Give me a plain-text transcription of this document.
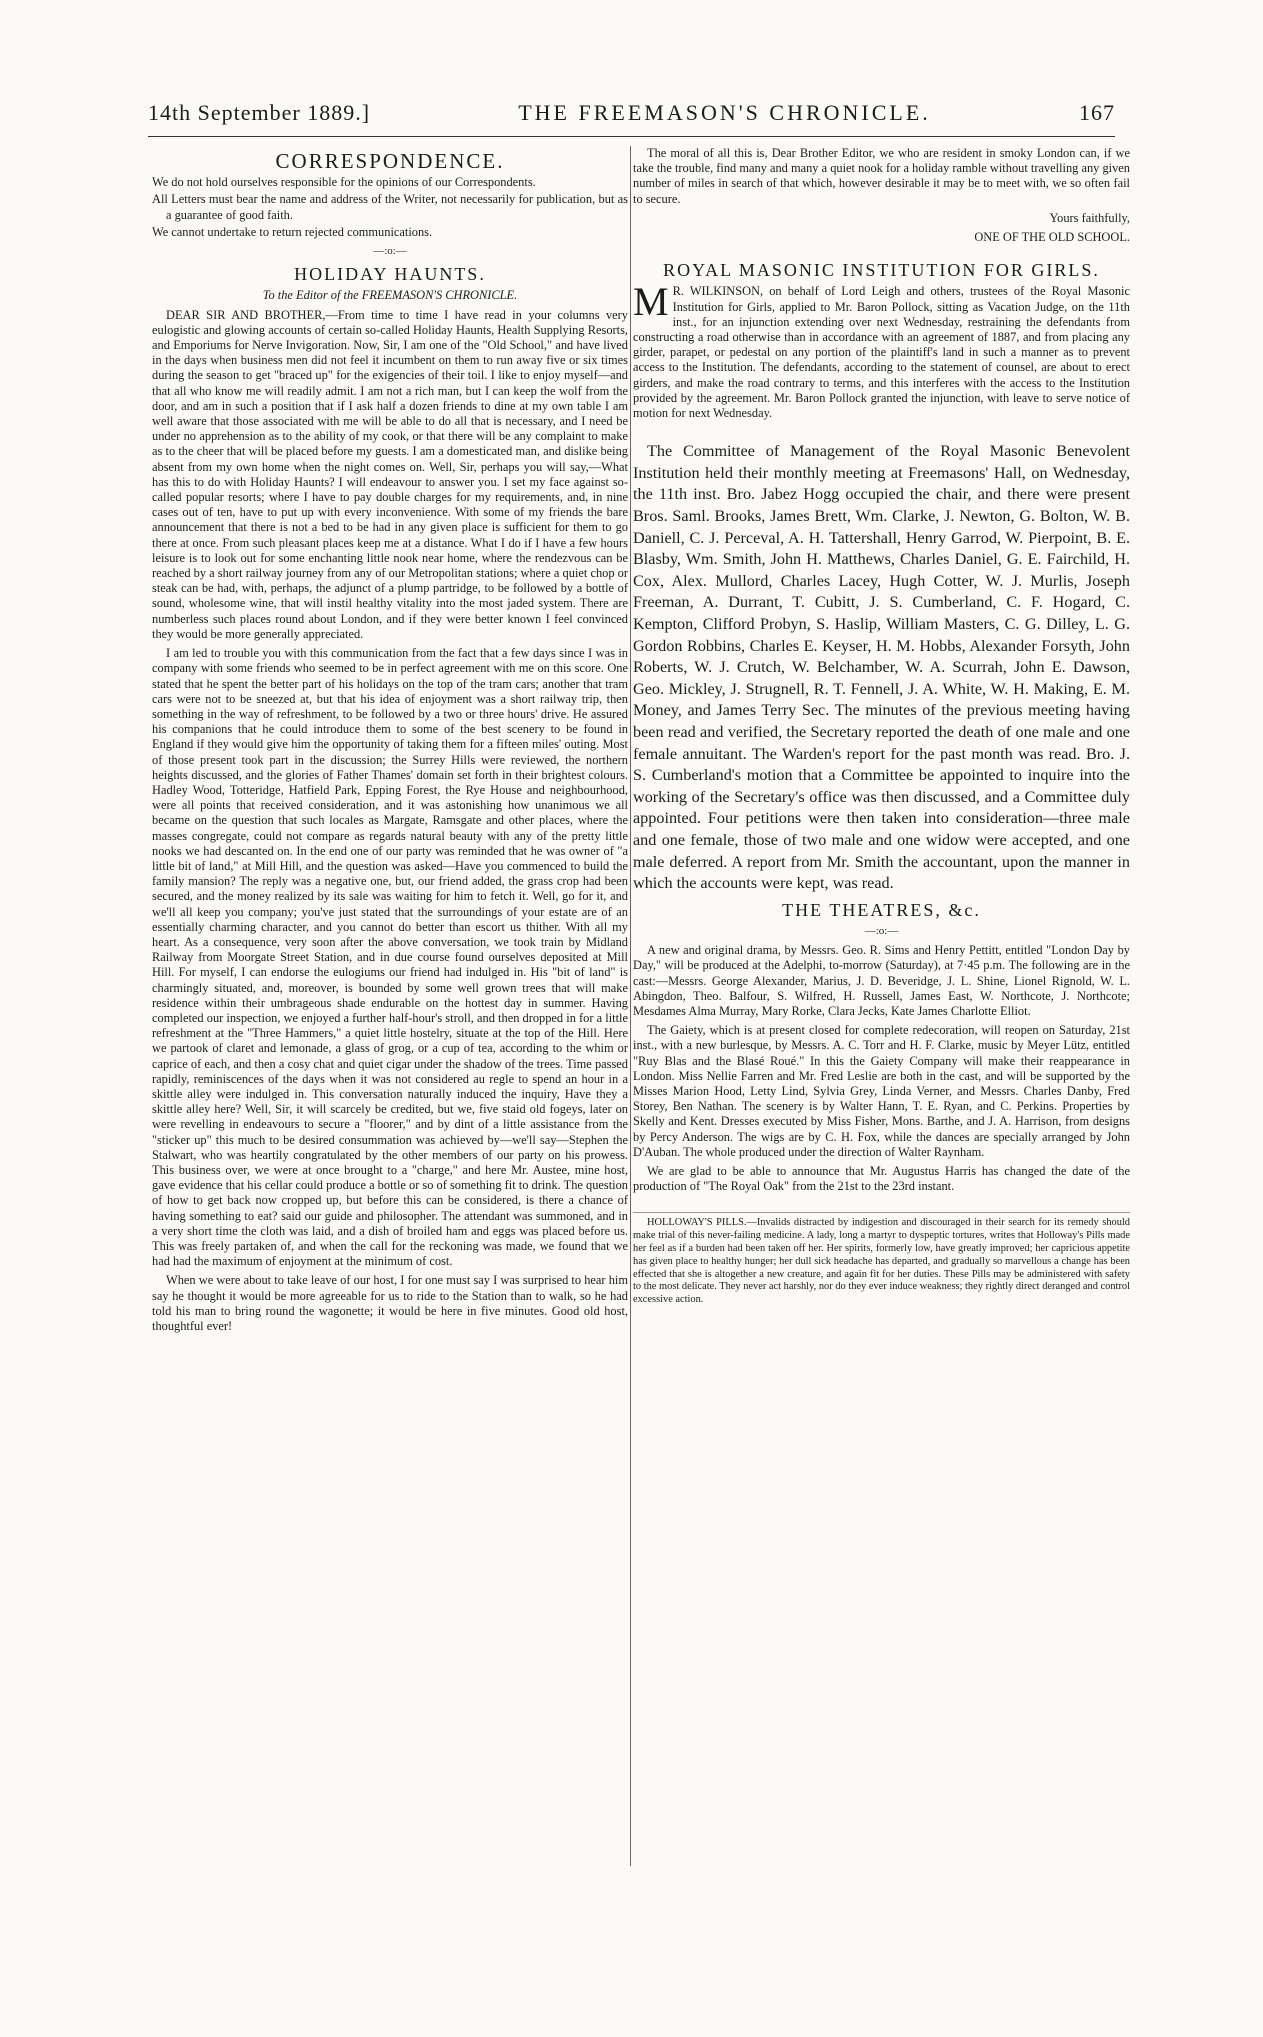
14th September 1889.]	THE FREEMASON'S CHRONICLE.	167
CORRESPONDENCE.
We do not hold ourselves responsible for the opinions of our Correspondents.
All Letters must bear the name and address of the Writer, not necessarily for publication, but as a guarantee of good faith.
We cannot undertake to return rejected communications.
—:o:—
HOLIDAY HAUNTS.
To the Editor of the FREEMASON'S CHRONICLE.

DEAR SIR AND BROTHER,—From time to time I have read in your columns very eulogistic and glowing accounts of certain so-called Holiday Haunts, Health Supplying Resorts, and Emporiums for Nerve Invigoration. Now, Sir, I am one of the "Old School," and have lived in the days when business men did not feel it incumbent on them to run away five or six times during the season to get "braced up" for the exigencies of their toil. I like to enjoy myself—and that all who know me will readily admit. I am not a rich man, but I can keep the wolf from the door, and am in such a position that if I ask half a dozen friends to dine at my own table I am well aware that those associated with me will be able to do all that is necessary, and I need be under no apprehension as to the ability of my cook, or that there will be any complaint to make as to the cheer that will be placed before my guests. I am a domesticated man, and dislike being absent from my own home when the night comes on. Well, Sir, perhaps you will say,—What has this to do with Holiday Haunts? I will endeavour to answer you. I set my face against so-called popular resorts; where I have to pay double charges for my requirements, and, in nine cases out of ten, have to put up with every inconvenience. With some of my friends the bare announcement that there is not a bed to be had in any given place is sufficient for them to go there at once. From such pleasant places keep me at a distance. What I do if I have a few hours leisure is to look out for some enchanting little nook near home, where the rendezvous can be reached by a short railway journey from any of our Metropolitan stations; where a quiet chop or steak can be had, with, perhaps, the adjunct of a plump partridge, to be followed by a bottle of sound, wholesome wine, that will instil healthy vitality into the most jaded system. There are numberless such places round about London, and if they were better known I feel convinced they would be more generally appreciated.

I am led to trouble you with this communication from the fact that a few days since I was in company with some friends who seemed to be in perfect agreement with me on this score. One stated that he spent the better part of his holidays on the top of the tram cars; another that tram cars were not to be sneezed at, but that his idea of enjoyment was a short railway trip, then something in the way of refreshment, to be followed by a two or three hours' drive. He assured his companions that he could introduce them to some of the best scenery to be found in England if they would give him the opportunity of taking them for a fifteen miles' outing. Most of those present took part in the discussion; the Surrey Hills were reviewed, the northern heights discussed, and the glories of Father Thames' domain set forth in their brightest colours. Hadley Wood, Totteridge, Hatfield Park, Epping Forest, the Rye House and neighbourhood, were all points that received consideration, and it was astonishing how unanimous we all became on the question that such locales as Margate, Ramsgate and other places, where the masses congregate, could not compare as regards natural beauty with any of the pretty little nooks we had descanted on. In the end one of our party was reminded that he was owner of "a little bit of land," at Mill Hill, and the question was asked—Have you commenced to build the family mansion? The reply was a negative one, but, our friend added, the grass crop had been secured, and the money realized by its sale was waiting for him to fetch it. Well, go for it, and we'll all keep you company; you've just stated that the surroundings of your estate are of an essentially charming character, and you cannot do better than escort us thither. With all my heart. As a consequence, very soon after the above conversation, we took train by Midland Railway from Moorgate Street Station, and in due course found ourselves deposited at Mill Hill. For myself, I can endorse the eulogiums our friend had indulged in. His "bit of land" is charmingly situated, and, moreover, is bounded by some well grown trees that will make residence within their umbrageous shade endurable on the hottest day in summer. Having completed our inspection, we enjoyed a further half-hour's stroll, and then dropped in for a little refreshment at the "Three Hammers," a quiet little hostelry, situate at the top of the Hill. Here we partook of claret and lemonade, a glass of grog, or a cup of tea, according to the whim or caprice of each, and then a cosy chat and quiet cigar under the shadow of the trees. Time passed rapidly, reminiscences of the days when it was not considered au regle to spend an hour in a skittle alley were indulged in. This conversation naturally induced the inquiry, Have they a skittle alley here? Well, Sir, it will scarcely be credited, but we, five staid old fogeys, later on were revelling in endeavours to secure a "floorer," and by dint of a little assistance from the "sticker up" this much to be desired consummation was achieved by—we'll say—Stephen the Stalwart, who was heartily congratulated by the other members of our party on his prowess. This business over, we were at once brought to a "charge," and here Mr. Austee, mine host, gave evidence that his cellar could produce a bottle or so of something fit to drink. The question of how to get back now cropped up, but before this can be considered, is there a chance of having something to eat? said our guide and philosopher. The attendant was summoned, and in a very short time the cloth was laid, and a dish of broiled ham and eggs was placed before us. This was freely partaken of, and when the call for the reckoning was made, we found that we had had the maximum of enjoyment at the minimum of cost.

When we were about to take leave of our host, I for one must say I was surprised to hear him say he thought it would be more agreeable for us to ride to the Station than to walk, so he had told his man to bring round the wagonette; it would be here in five minutes. Good old host, thoughtful ever!

The moral of all this is, Dear Brother Editor, we who are resident in smoky London can, if we take the trouble, find many and many a quiet nook for a holiday ramble without travelling any given number of miles in search of that which, however desirable it may be to meet with, we so often fail to secure.

Yours faithfully,
ONE OF THE OLD SCHOOL.
ROYAL MASONIC INSTITUTION FOR GIRLS.

M R. WILKINSON, on behalf of Lord Leigh and others, trustees of the Royal Masonic Institution for Girls, applied to Mr. Baron Pollock, sitting as Vacation Judge, on the 11th inst., for an injunction extending over next Wednesday, restraining the defendants from constructing a road otherwise than in accordance with an agreement of 1887, and from placing any girder, parapet, or pedestal on any portion of the plaintiff's land in such a manner as to prevent access to the Institution. The defendants, according to the statement of counsel, are about to erect girders, and make the road contrary to terms, and this interferes with the access to the Institution provided by the agreement. Mr. Baron Pollock granted the injunction, with leave to serve notice of motion for next Wednesday.

The Committee of Management of the Royal Masonic Benevolent Institution held their monthly meeting at Freemasons' Hall, on Wednesday, the 11th inst. Bro. Jabez Hogg occupied the chair, and there were present Bros. Saml. Brooks, James Brett, Wm. Clarke, J. Newton, G. Bolton, W. B. Daniell, C. J. Perceval, A. H. Tattershall, Henry Garrod, W. Pierpoint, B. E. Blasby, Wm. Smith, John H. Matthews, Charles Daniel, G. E. Fairchild, H. Cox, Alex. Mullord, Charles Lacey, Hugh Cotter, W. J. Murlis, Joseph Freeman, A. Durrant, T. Cubitt, J. S. Cumberland, C. F. Hogard, C. Kempton, Clifford Probyn, S. Haslip, William Masters, C. G. Dilley, L. G. Gordon Robbins, Charles E. Keyser, H. M. Hobbs, Alexander Forsyth, John Roberts, W. J. Crutch, W. Belchamber, W. A. Scurrah, John E. Dawson, Geo. Mickley, J. Strugnell, R. T. Fennell, J. A. White, W. H. Making, E. M. Money, and James Terry Sec. The minutes of the previous meeting having been read and verified, the Secretary reported the death of one male and one female annuitant. The Warden's report for the past month was read. Bro. J. S. Cumberland's motion that a Committee be appointed to inquire into the working of the Secretary's office was then discussed, and a Committee duly appointed. Four petitions were then taken into consideration—three male and one female, those of two male and one widow were accepted, and one male deferred. A report from Mr. Smith the accountant, upon the manner in which the accounts were kept, was read.

THE THEATRES, &c.
—:o:—

A new and original drama, by Messrs. Geo. R. Sims and Henry Pettitt, entitled "London Day by Day," will be produced at the Adelphi, to-morrow (Saturday), at 7·45 p.m. The following are in the cast:—Messrs. George Alexander, Marius, J. D. Beveridge, J. L. Shine, Lionel Rignold, W. L. Abingdon, Theo. Balfour, S. Wilfred, H. Russell, James East, W. Northcote, J. Northcote; Mesdames Alma Murray, Mary Rorke, Clara Jecks, Kate James Charlotte Elliot.

The Gaiety, which is at present closed for complete redecoration, will reopen on Saturday, 21st inst., with a new burlesque, by Messrs. A. C. Torr and H. F. Clarke, music by Meyer Lütz, entitled "Ruy Blas and the Blasé Roué." In this the Gaiety Company will make their reappearance in London. Miss Nellie Farren and Mr. Fred Leslie are both in the cast, and will be supported by the Misses Marion Hood, Letty Lind, Sylvia Grey, Linda Verner, and Messrs. Charles Danby, Fred Storey, Ben Nathan. The scenery is by Walter Hann, T. E. Ryan, and C. Perkins. Properties by Skelly and Kent. Dresses executed by Miss Fisher, Mons. Barthe, and J. A. Harrison, from designs by Percy Anderson. The wigs are by C. H. Fox, while the dances are specially arranged by John D'Auban. The whole produced under the direction of Walter Raynham.

We are glad to be able to announce that Mr. Augustus Harris has changed the date of the production of "The Royal Oak" from the 21st to the 23rd instant.

HOLLOWAY'S PILLS.—Invalids distracted by indigestion and discouraged in their search for its remedy should make trial of this never-failing medicine. A lady, long a martyr to dyspeptic tortures, writes that Holloway's Pills made her feel as if a burden had been taken off her. Her spirits, formerly low, have greatly improved; her capricious appetite has given place to healthy hunger; her dull sick headache has departed, and gradually so marvellous a change has been effected that she is altogether a new creature, and again fit for her duties. These Pills may be administered with safety to the most delicate. They never act harshly, nor do they ever induce weakness; they rightly direct deranged and control excessive action.
